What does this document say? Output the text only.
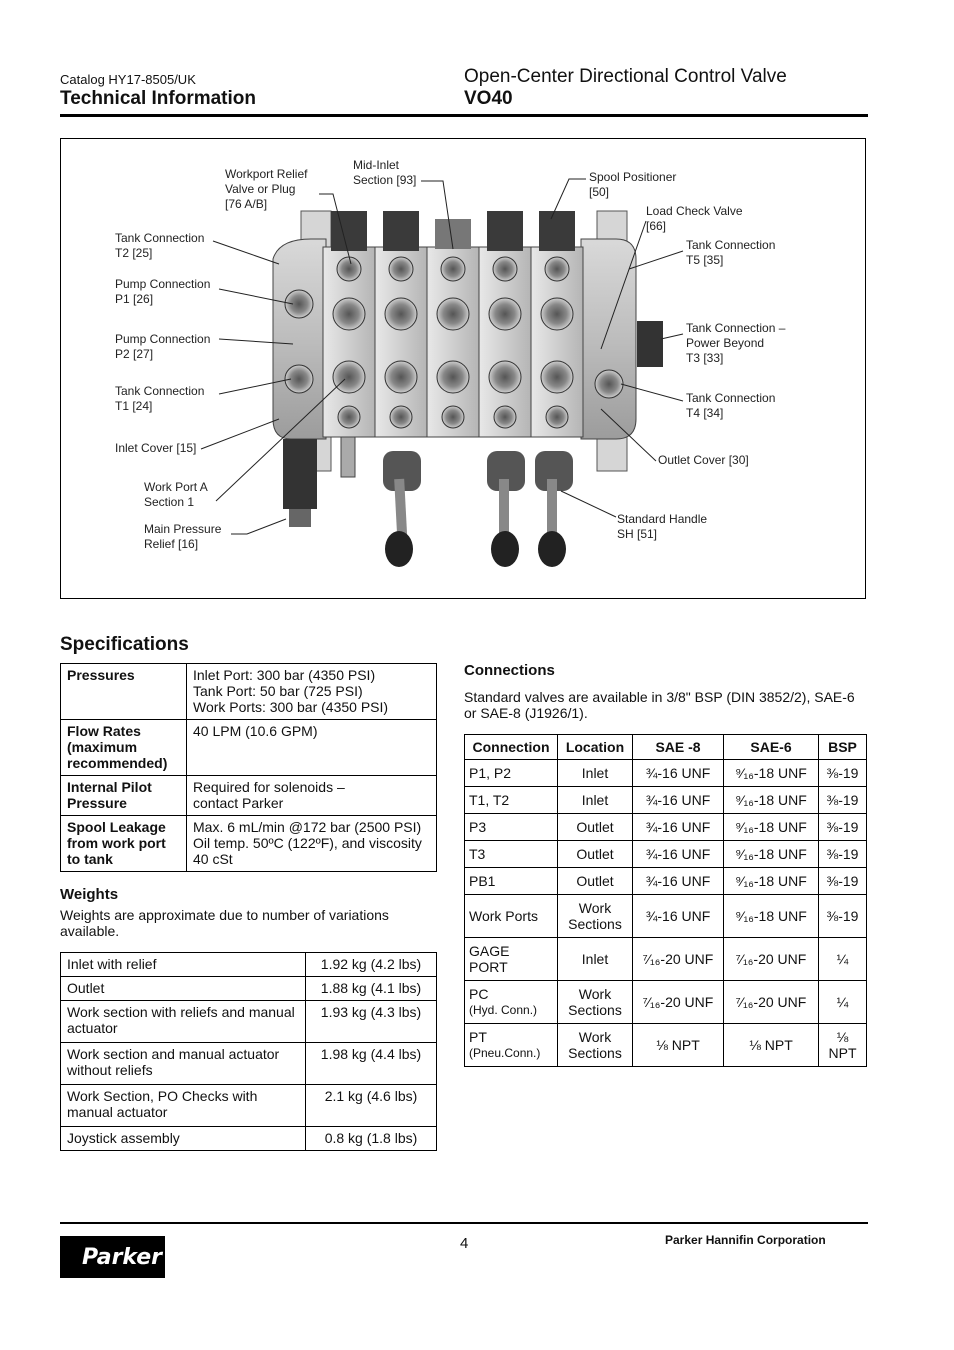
Catalog HY17-8505/UK
Technical Information
Open-Center Directional Control Valve
VO40
Workport Relief
Valve or Plug
[76 A/B]
Mid-Inlet
Section [93]	Spool Positioner
[50]
Load Check Valve
[66]
Tank Connection
T2 [25]
Tank Connection
T5 [35]
Pump Connection
P1 [26]
Tank Connection –
Power Beyond
T3 [33]
Pump Connection
P2 [27]
Tank Connection
T1 [24]
Tank Connection
T4 [34]
Inlet Cover [15]
Outlet Cover [30]
Work Port A
Section 1
Standard Handle
SH [51]
Main Pressure
Relief [16]
Specifications
Pressures	Inlet Port: 300 bar (4350 PSI)
Tank Port: 50 bar (725 PSI)
Work Ports: 300 bar (4350 PSI)
Flow Rates
(maximum
recommended)	40 LPM (10.6 GPM)
Internal Pilot
Pressure	Required for solenoids –
contact Parker
Spool Leakage
from work port
to tank	Max. 6 mL/min @172 bar (2500 PSI)
Oil temp. 50ºC (122ºF), and viscosity
40 cSt
Weights
Weights are approximate due to number of variations available.
Inlet with relief	1.92 kg (4.2 lbs)
Outlet	1.88 kg (4.1 lbs)
Work section with reliefs and manual actuator	1.93 kg (4.3 lbs)
Work section and manual actuator without reliefs	1.98 kg (4.4 lbs)
Work Section, PO Checks with manual actuator	2.1 kg (4.6 lbs)
Joystick assembly	0.8 kg (1.8 lbs)
Connections
Standard valves are available in 3/8" BSP (DIN 3852/2), SAE-6 or SAE-8 (J1926/1).
Connection	Location	SAE -8	SAE-6	BSP
P1, P2	Inlet	¾-16 UNF	⁹⁄₁₆-18 UNF	⅜-19
T1, T2	Inlet	¾-16 UNF	⁹⁄₁₆-18 UNF	⅜-19
P3	Outlet	¾-16 UNF	⁹⁄₁₆-18 UNF	⅜-19
T3	Outlet	¾-16 UNF	⁹⁄₁₆-18 UNF	⅜-19
PB1	Outlet	¾-16 UNF	⁹⁄₁₆-18 UNF	⅜-19
Work Ports	Work
Sections	¾-16 UNF	⁹⁄₁₆-18 UNF	⅜-19
GAGE
PORT	Inlet	⁷⁄₁₆-20 UNF	⁷⁄₁₆-20 UNF	¼
PC
(Hyd. Conn.)	Work
Sections	⁷⁄₁₆-20 UNF	⁷⁄₁₆-20 UNF	¼
PT
(Pneu.Conn.)	Work
Sections	⅛ NPT	⅛ NPT	⅛ NPT
4	Parker Hannifin Corporation
Parker
